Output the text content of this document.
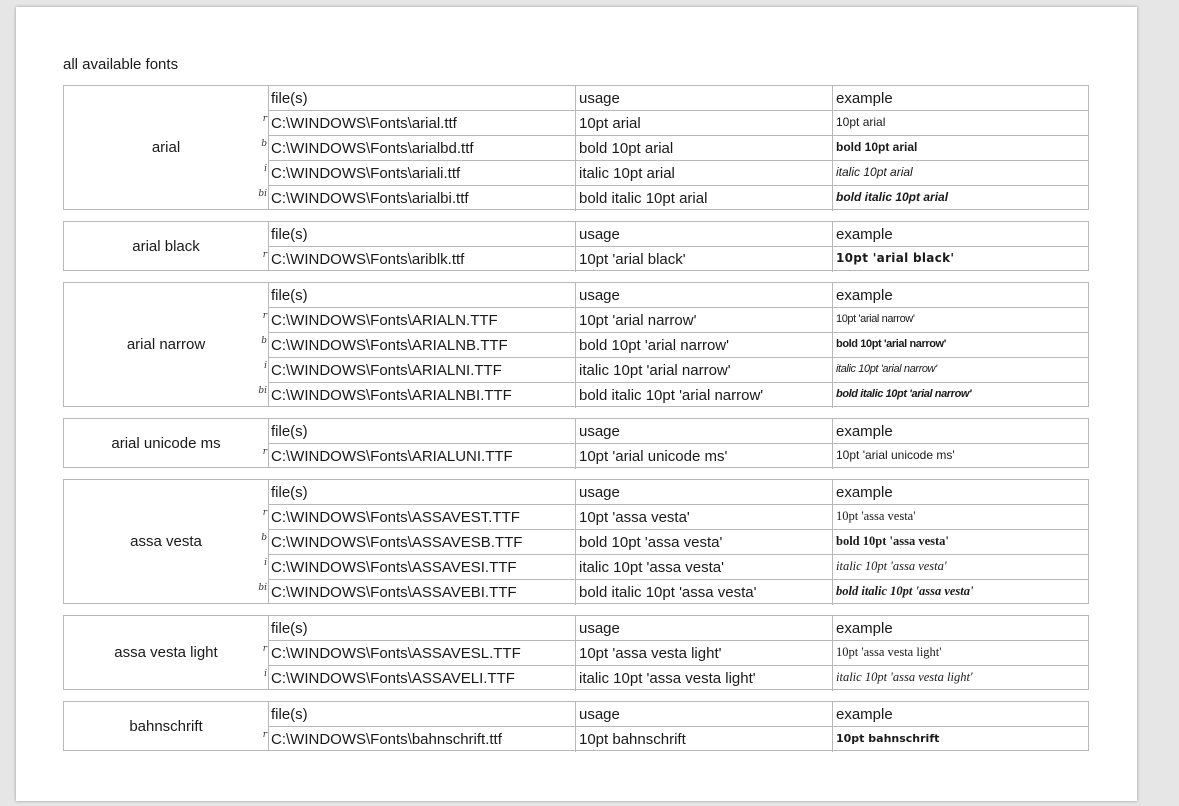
all available fonts
arial
file(s)	usage	example
r C:\WINDOWS\Fonts\arial.ttf	10pt arial	10pt arial
b C:\WINDOWS\Fonts\arialbd.ttf	bold 10pt arial	bold 10pt arial
i C:\WINDOWS\Fonts\ariali.ttf	italic 10pt arial	italic 10pt arial
bi C:\WINDOWS\Fonts\arialbi.ttf	bold italic 10pt arial	bold italic 10pt arial
arial black
file(s)	usage	example
r C:\WINDOWS\Fonts\ariblk.ttf	10pt 'arial black'	10pt 'arial black'
arial narrow
file(s)	usage	example
r C:\WINDOWS\Fonts\ARIALN.TTF	10pt 'arial narrow'	10pt 'arial narrow'
b C:\WINDOWS\Fonts\ARIALNB.TTF	bold 10pt 'arial narrow'	bold 10pt 'arial narrow'
i C:\WINDOWS\Fonts\ARIALNI.TTF	italic 10pt 'arial narrow'	italic 10pt 'arial narrow'
bi C:\WINDOWS\Fonts\ARIALNBI.TTF	bold italic 10pt 'arial narrow'	bold italic 10pt 'arial narrow'
arial unicode ms
file(s)	usage	example
r C:\WINDOWS\Fonts\ARIALUNI.TTF	10pt 'arial unicode ms'	10pt 'arial unicode ms'
assa vesta
file(s)	usage	example
r C:\WINDOWS\Fonts\ASSAVEST.TTF	10pt 'assa vesta'	10pt 'assa vesta'
b C:\WINDOWS\Fonts\ASSAVESB.TTF	bold 10pt 'assa vesta'	bold 10pt 'assa vesta'
i C:\WINDOWS\Fonts\ASSAVESI.TTF	italic 10pt 'assa vesta'	italic 10pt 'assa vesta'
bi C:\WINDOWS\Fonts\ASSAVEBI.TTF	bold italic 10pt 'assa vesta'	bold italic 10pt 'assa vesta'
assa vesta light
file(s)	usage	example
r C:\WINDOWS\Fonts\ASSAVESL.TTF	10pt 'assa vesta light'	10pt 'assa vesta light'
i C:\WINDOWS\Fonts\ASSAVELI.TTF	italic 10pt 'assa vesta light'	italic 10pt 'assa vesta light'
bahnschrift
file(s)	usage	example
r C:\WINDOWS\Fonts\bahnschrift.ttf	10pt bahnschrift	10pt bahnschrift
